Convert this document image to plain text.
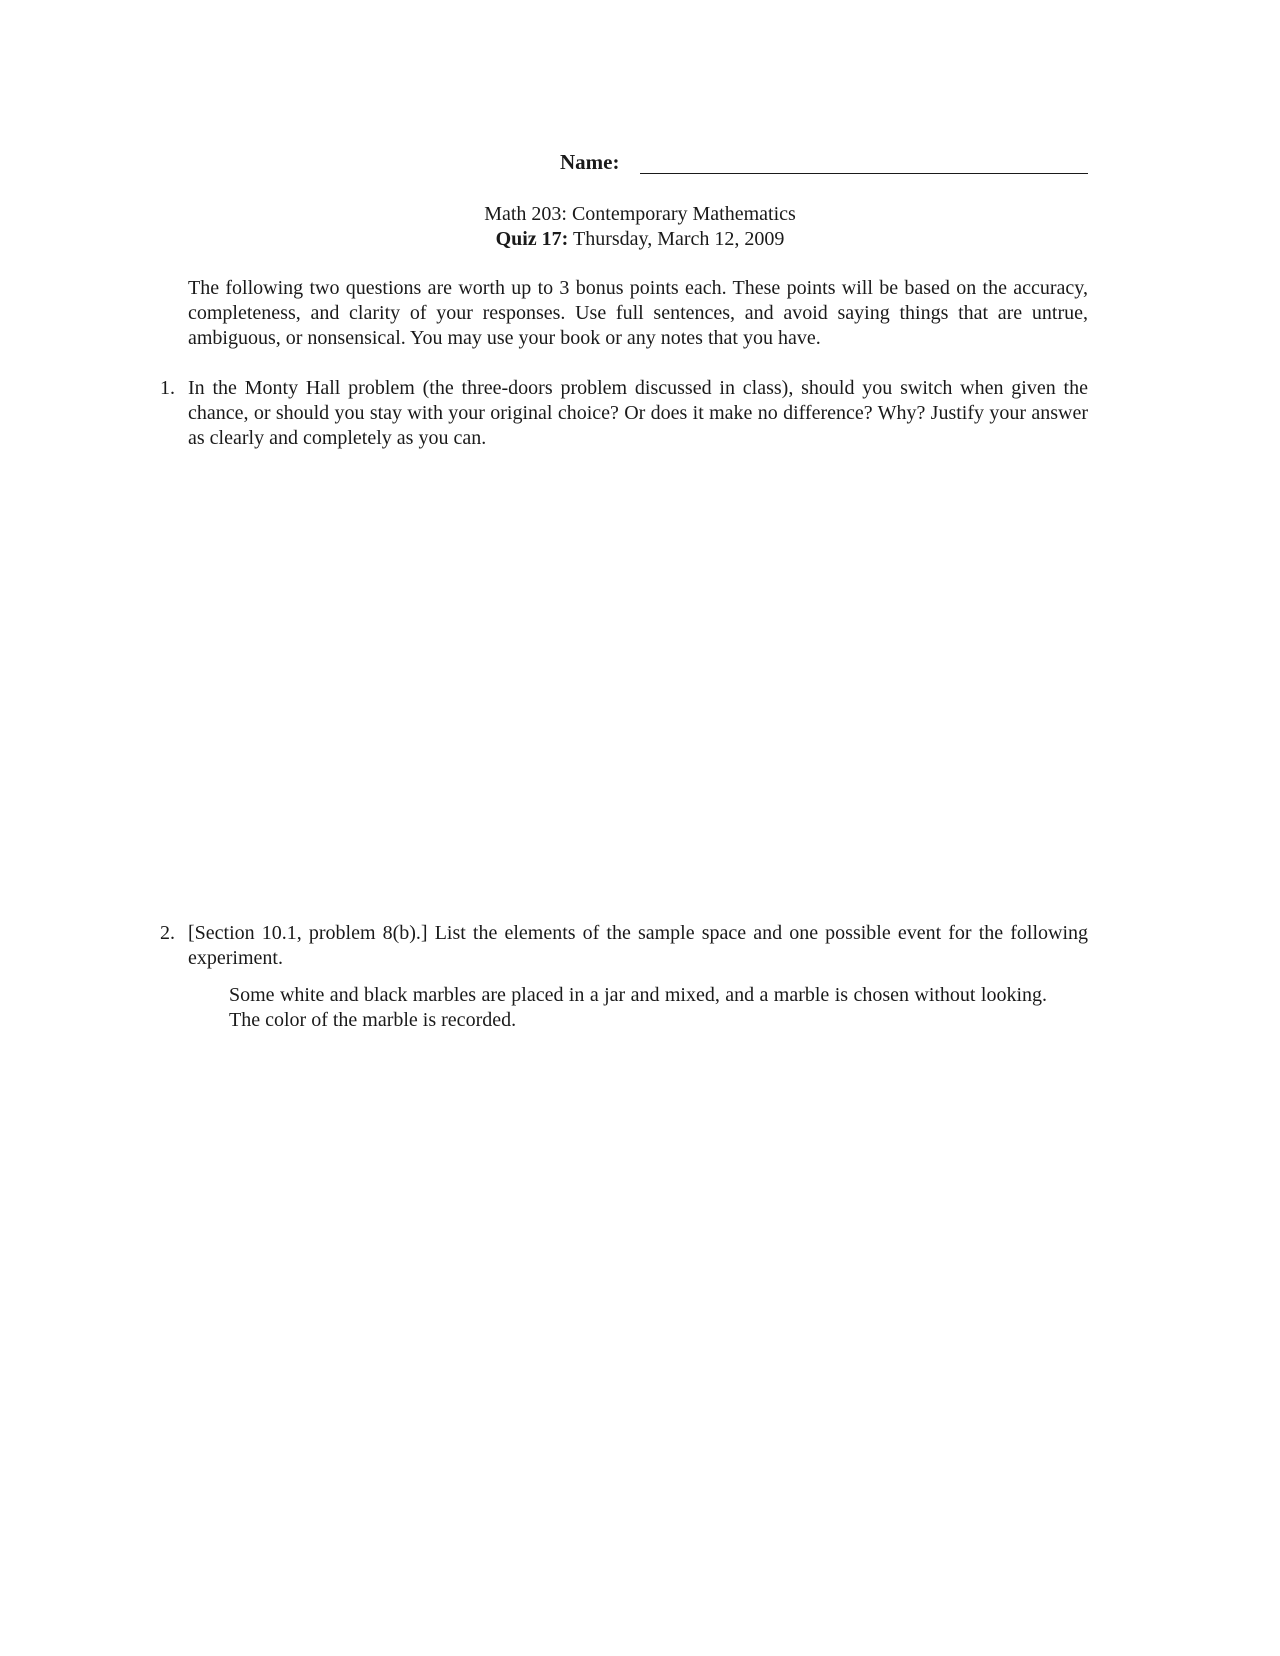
Name:
Math 203: Contemporary Mathematics
Quiz 17: Thursday, March 12, 2009
The following two questions are worth up to 3 bonus points each. These points will be based on the accuracy, completeness, and clarity of your responses. Use full sentences, and avoid saying things that are untrue, ambiguous, or nonsensical. You may use your book or any notes that you have.
1. In the Monty Hall problem (the three-doors problem discussed in class), should you switch when given the chance, or should you stay with your original choice? Or does it make no difference? Why? Justify your answer as clearly and completely as you can.
2. [Section 10.1, problem 8(b).] List the elements of the sample space and one possible event for the following experiment.
Some white and black marbles are placed in a jar and mixed, and a marble is chosen without looking. The color of the marble is recorded.
